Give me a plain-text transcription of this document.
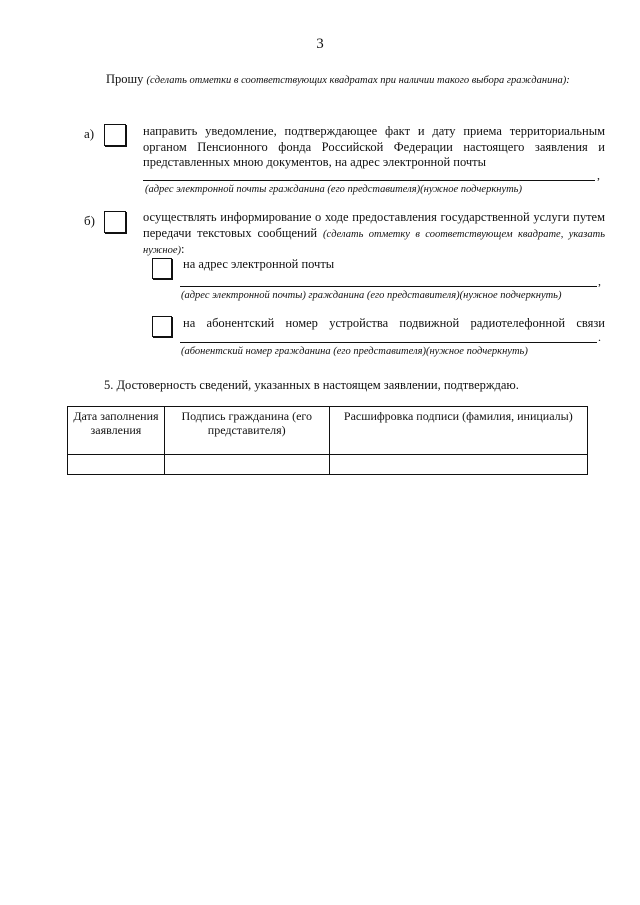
3
Прошу (сделать отметки в соответствующих квадратах при наличии такого выбора гражданина):
а)	направить уведомление, подтверждающее факт и дату приема территориальным органом Пенсионного фонда Российской Федерации настоящего заявления и представленных мною документов, на адрес электронной почты
,
(адрес электронной почты гражданина (его представителя)(нужное подчеркнуть)
б)	осуществлять информирование о ходе предоставления государственной услуги путем передачи текстовых сообщений (сделать отметку в соответствующем квадрате, указать нужное):
на адрес электронной почты
,
(адрес электронной почты) гражданина (его представителя)(нужное подчеркнуть)
на абонентский номер устройства подвижной радиотелефонной связи
.
(абонентский номер гражданина (его представителя)(нужное подчеркнуть)
5. Достоверность сведений, указанных в настоящем заявлении, подтверждаю.
Дата заполнения заявления	Подпись гражданина (его представителя)	Расшифровка подписи (фамилия, инициалы)
